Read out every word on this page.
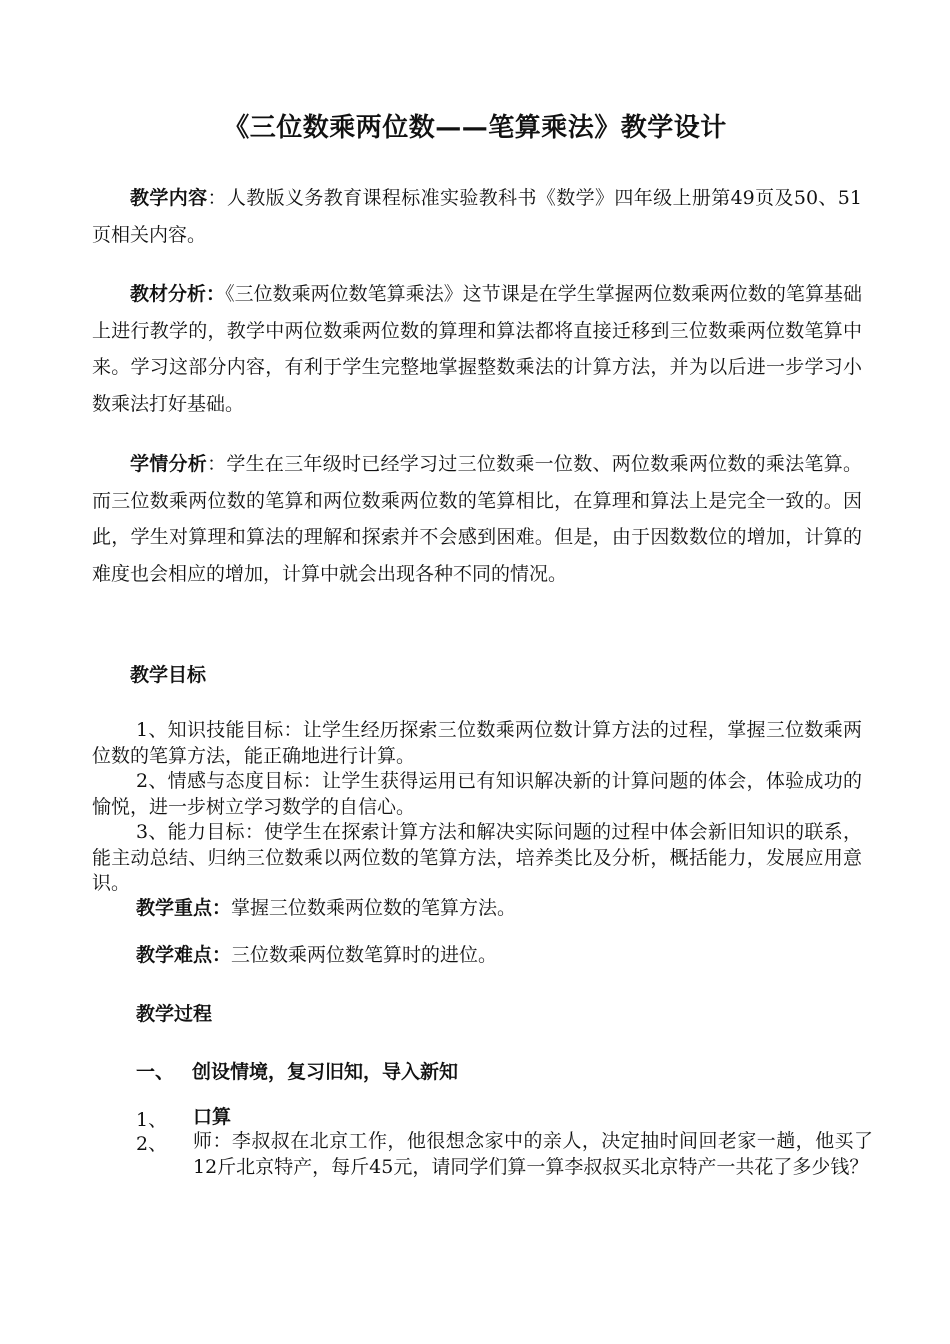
《三位数乘两位数——笔算乘法》教学设计
教学内容：人教版义务教育课程标准实验教科书《数学》四年级上册第49页及50、51页相关内容。
教材分析：《三位数乘两位数笔算乘法》这节课是在学生掌握两位数乘两位数的笔算基础上进行教学的，教学中两位数乘两位数的算理和算法都将直接迁移到三位数乘两位数笔算中来。学习这部分内容，有利于学生完整地掌握整数乘法的计算方法，并为以后进一步学习小数乘法打好基础。
学情分析：学生在三年级时已经学习过三位数乘一位数、两位数乘两位数的乘法笔算。而三位数乘两位数的笔算和两位数乘两位数的笔算相比，在算理和算法上是完全一致的。因此，学生对算理和算法的理解和探索并不会感到困难。但是，由于因数数位的增加，计算的难度也会相应的增加，计算中就会出现各种不同的情况。
教学目标

1、知识技能目标：让学生经历探索三位数乘两位数计算方法的过程，掌握三位数乘两位数的笔算方法，能正确地进行计算。

2、情感与态度目标：让学生获得运用已有知识解决新的计算问题的体会，体验成功的愉悦，进一步树立学习数学的自信心。

3、能力目标：使学生在探索计算方法和解决实际问题的过程中体会新旧知识的联系，能主动总结、归纳三位数乘以两位数的笔算方法，培养类比及分析，概括能力，发展应用意识。

教学重点：掌握三位数乘两位数的笔算方法。
教学难点：三位数乘两位数笔算时的进位。
教学过程
一、 创设情境，复习旧知，导入新知
1、 口算
2、 师：李叔叔在北京工作，他很想念家中的亲人，决定抽时间回老家一趟，他买了12斤北京特产，每斤45元，请同学们算一算李叔叔买北京特产一共花了多少钱？
